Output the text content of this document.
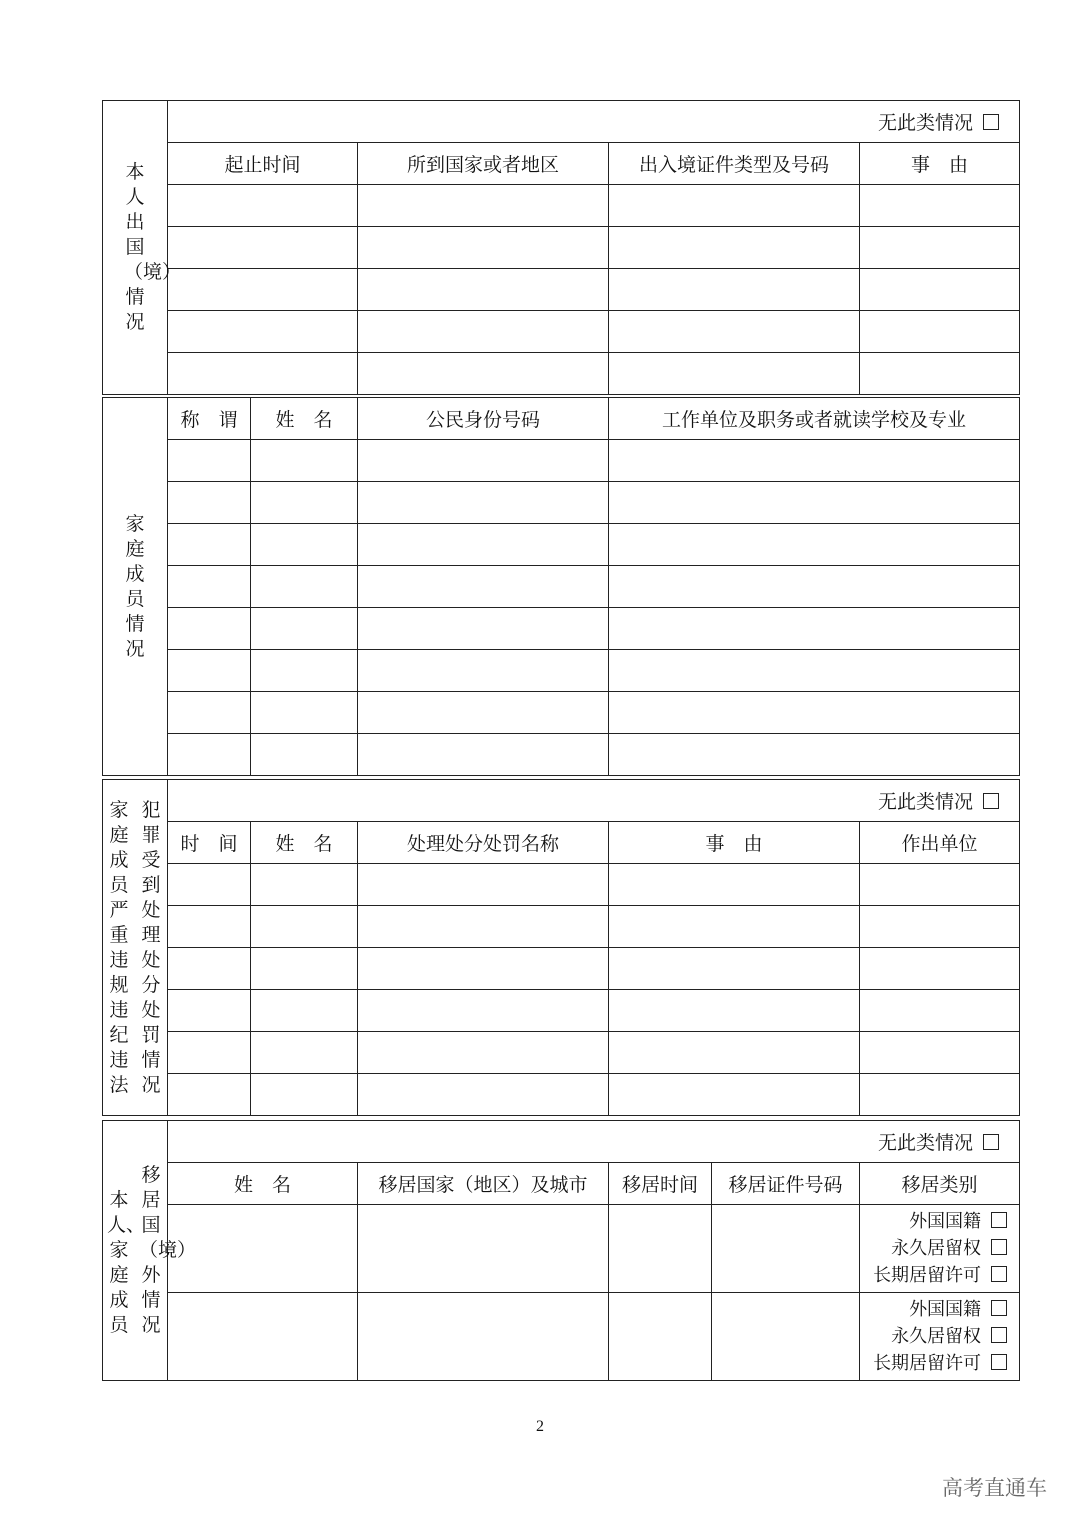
本人出国（境）情况	无此类情况			
	起止时间	所到国家或者地区	出入境证件类型及号码	事　由

家庭成员情况	称　谓	姓　名	公民身份号码	工作单位及职务或者就读学校及专业

家庭成员严重违规违纪违法
犯罪受到处理处分处罚情况	无此类情况				
	时　间	姓　名	处理处分处罚名称	事　由	作出单位

本人、家庭成员
移居国（境）外情况	无此类情况				
	姓　名	移居国家（地区）及城市	移居时间	移居证件号码	移居类别

					外国国籍
永久居留权
长期居留许可

					外国国籍
永久居留权
长期居留许可
2
高考直通车
